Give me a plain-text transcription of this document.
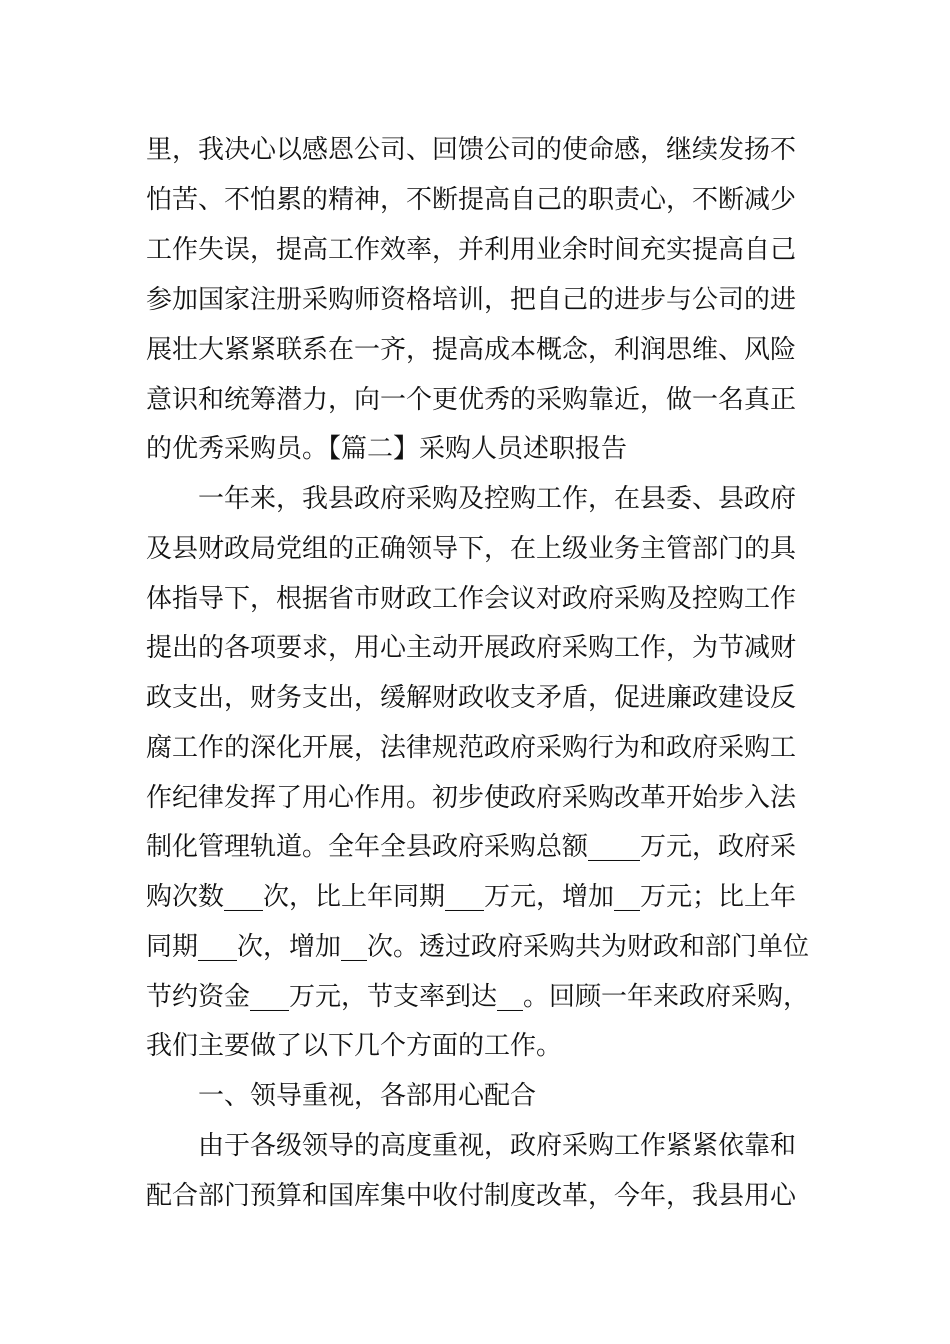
里，我决心以感恩公司、回馈公司的使命感，继续发扬不
怕苦、不怕累的精神，不断提高自己的职责心，不断减少
工作失误，提高工作效率，并利用业余时间充实提高自己
参加国家注册采购师资格培训，把自己的进步与公司的进
展壮大紧紧联系在一齐，提高成本概念，利润思维、风险
意识和统筹潜力，向一个更优秀的采购靠近，做一名真正
的优秀采购员。【篇二】采购人员述职报告
一年来，我县政府采购及控购工作，在县委、县政府
及县财政局党组的正确领导下，在上级业务主管部门的具
体指导下，根据省市财政工作会议对政府采购及控购工作
提出的各项要求，用心主动开展政府采购工作，为节减财
政支出，财务支出，缓解财政收支矛盾，促进廉政建设反
腐工作的深化开展，法律规范政府采购行为和政府采购工
作纪律发挥了用心作用。初步使政府采购改革开始步入法
制化管理轨道。全年全县政府采购总额____万元，政府采
购次数___次，比上年同期___万元，增加__万元；比上年
同期___次，增加__次。透过政府采购共为财政和部门单位
节约资金___万元，节支率到达__。回顾一年来政府采购，
我们主要做了以下几个方面的工作。
一、领导重视，各部用心配合
由于各级领导的高度重视，政府采购工作紧紧依靠和
配合部门预算和国库集中收付制度改革，今年，我县用心
